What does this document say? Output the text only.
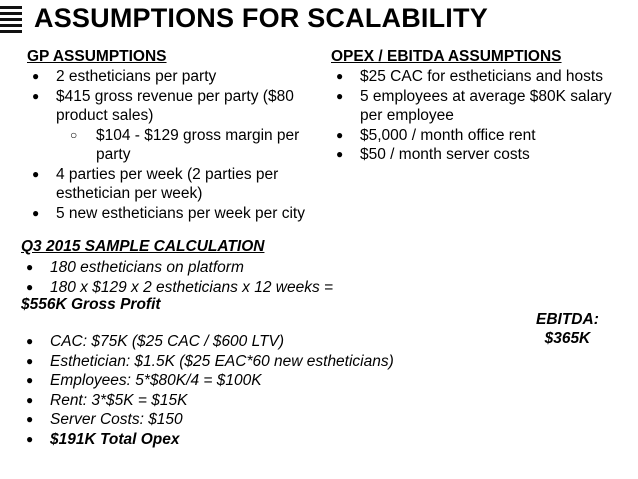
ASSUMPTIONS FOR SCALABILITY
GP ASSUMPTIONS
● 2 estheticians per party
● $415 gross revenue per party ($80 product sales)
○ $104 - $129 gross margin per party
● 4 parties per week (2 parties per esthetician per week)
● 5 new estheticians per week per city
OPEX / EBITDA ASSUMPTIONS
● $25 CAC for estheticians and hosts
● 5 employees at average $80K salary per employee
● $5,000 / month office rent
● $50 / month server costs
Q3 2015 SAMPLE CALCULATION
● 180 estheticians on platform
● 180 x $129 x 2 estheticians x 12 weeks =
$556K Gross Profit
● CAC: $75K ($25 CAC / $600 LTV)
● Esthetician: $1.5K ($25 EAC*60 new estheticians)
● Employees: 5*$80K/4 = $100K
● Rent: 3*$5K = $15K
● Server Costs: $150
● $191K Total Opex
EBITDA:
$365K
